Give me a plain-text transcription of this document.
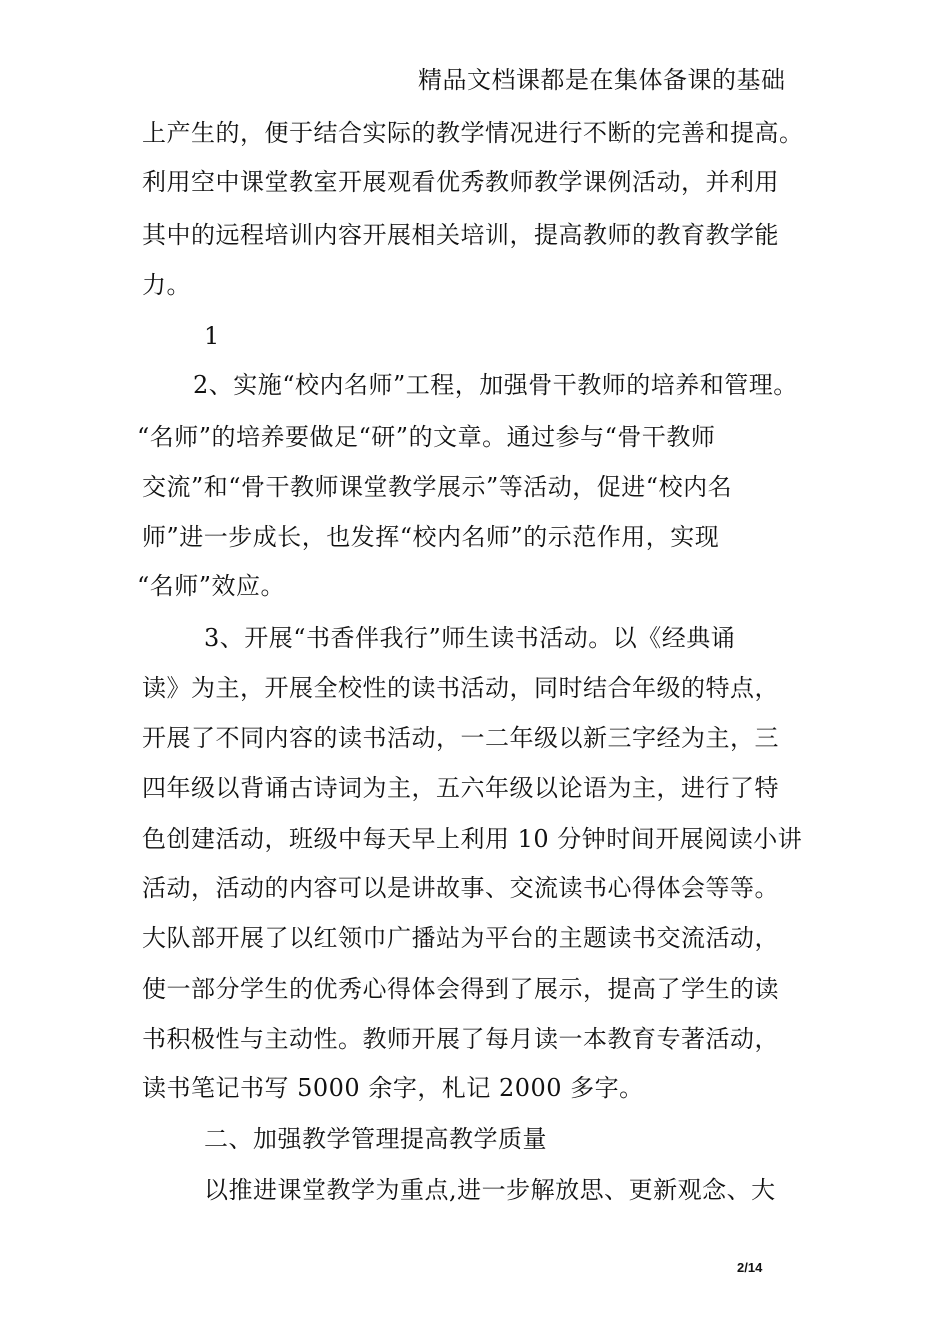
精品文档课都是在集体备课的基础
上产生的，便于结合实际的教学情况进行不断的完善和提高。
利用空中课堂教室开展观看优秀教师教学课例活动，并利用
其中的远程培训内容开展相关培训，提高教师的教育教学能
力。
1
2、实施“校内名师”工程，加强骨干教师的培养和管理。
“名师”的培养要做足“研”的文章。通过参与“骨干教师
交流”和“骨干教师课堂教学展示”等活动，促进“校内名
师”进一步成长，也发挥“校内名师”的示范作用，实现
“名师”效应。
3、开展“书香伴我行”师生读书活动。以《经典诵
读》为主，开展全校性的读书活动，同时结合年级的特点，
开展了不同内容的读书活动，一二年级以新三字经为主，三
四年级以背诵古诗词为主，五六年级以论语为主，进行了特
色创建活动，班级中每天早上利用 10 分钟时间开展阅读小讲
活动，活动的内容可以是讲故事、交流读书心得体会等等。
大队部开展了以红领巾广播站为平台的主题读书交流活动，
使一部分学生的优秀心得体会得到了展示，提高了学生的读
书积极性与主动性。教师开展了每月读一本教育专著活动，
读书笔记书写 5000 余字，札记 2000 多字。
二、加强教学管理提高教学质量
以推进课堂教学为重点,进一步解放思、更新观念、大
2/14
